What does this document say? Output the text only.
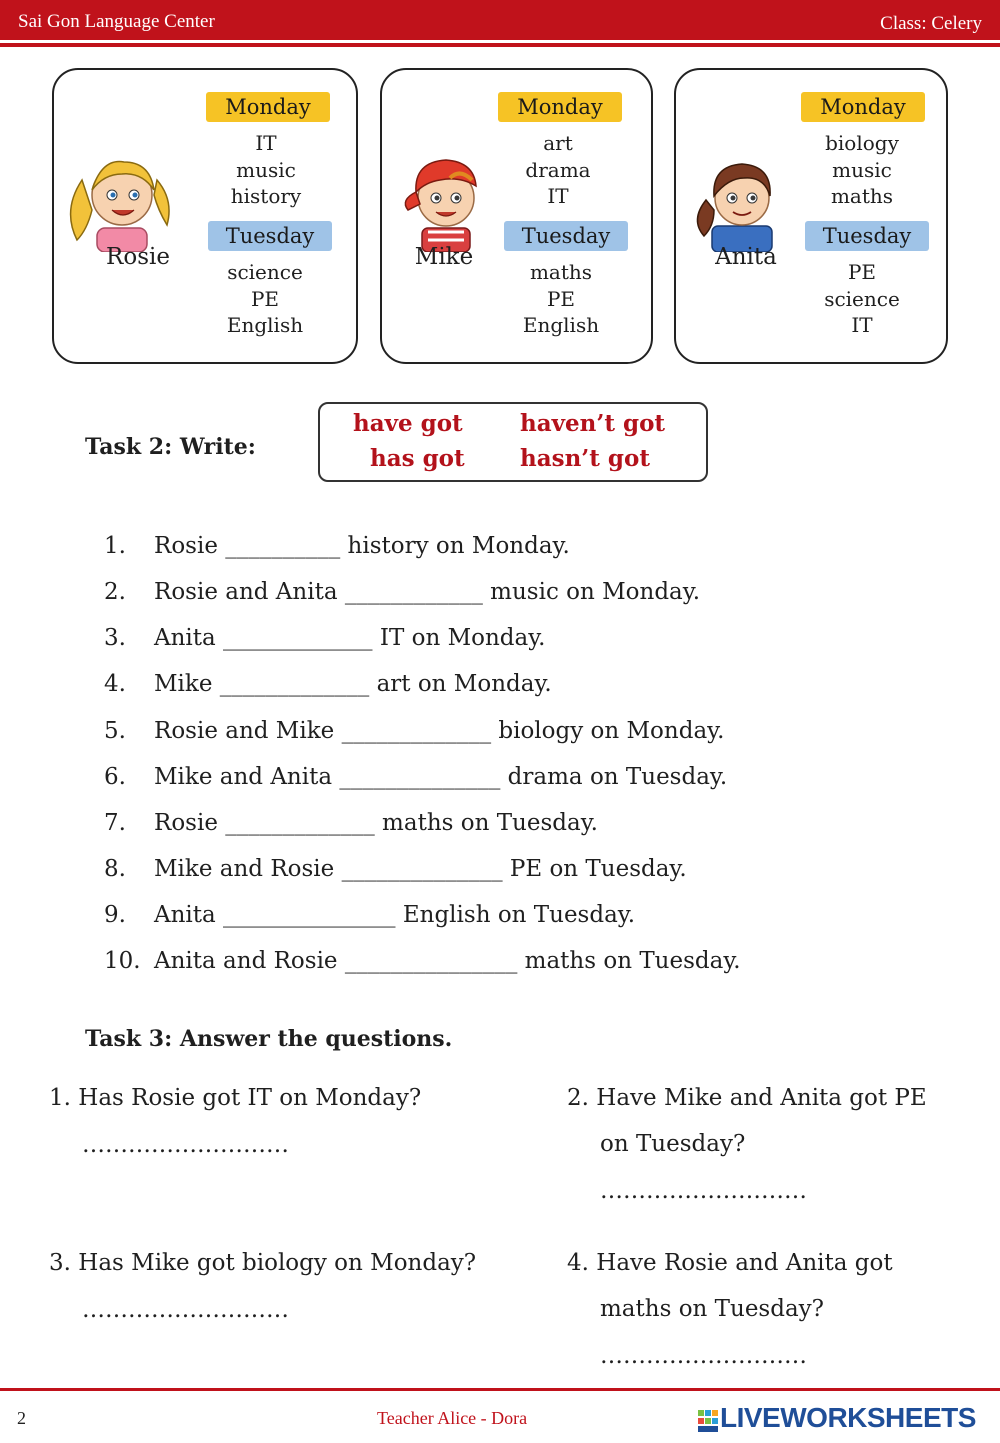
Sai Gon Language Center	Class: Celery
Rosie
Monday
IT
music
history
Tuesday
science
PE
English
Mike
Monday
art
drama
IT
Tuesday
maths
PE
English
Anita
Monday
biology
music
maths
Tuesday
PE
science
IT
Task 2: Write:
have got haven’t got
has got hasn’t got
1. Rosie __________ history on Monday.
2. Rosie and Anita ____________ music on Monday.
3. Anita _____________ IT on Monday.
4. Mike _____________ art on Monday.
5. Rosie and Mike _____________ biology on Monday.
6. Mike and Anita ______________ drama on Tuesday.
7. Rosie _____________ maths on Tuesday.
8. Mike and Rosie ______________ PE on Tuesday.
9. Anita _______________ English on Tuesday.
10. Anita and Rosie _______________ maths on Tuesday.
Task 3: Answer the questions.
1. Has Rosie got IT on Monday?
………………………
2. Have Mike and Anita got PE
on Tuesday?
………………………
3. Has Mike got biology on Monday?
………………………
4. Have Rosie and Anita got
maths on Tuesday?
………………………
2	Teacher Alice - Dora	LIVEWORKSHEETS
